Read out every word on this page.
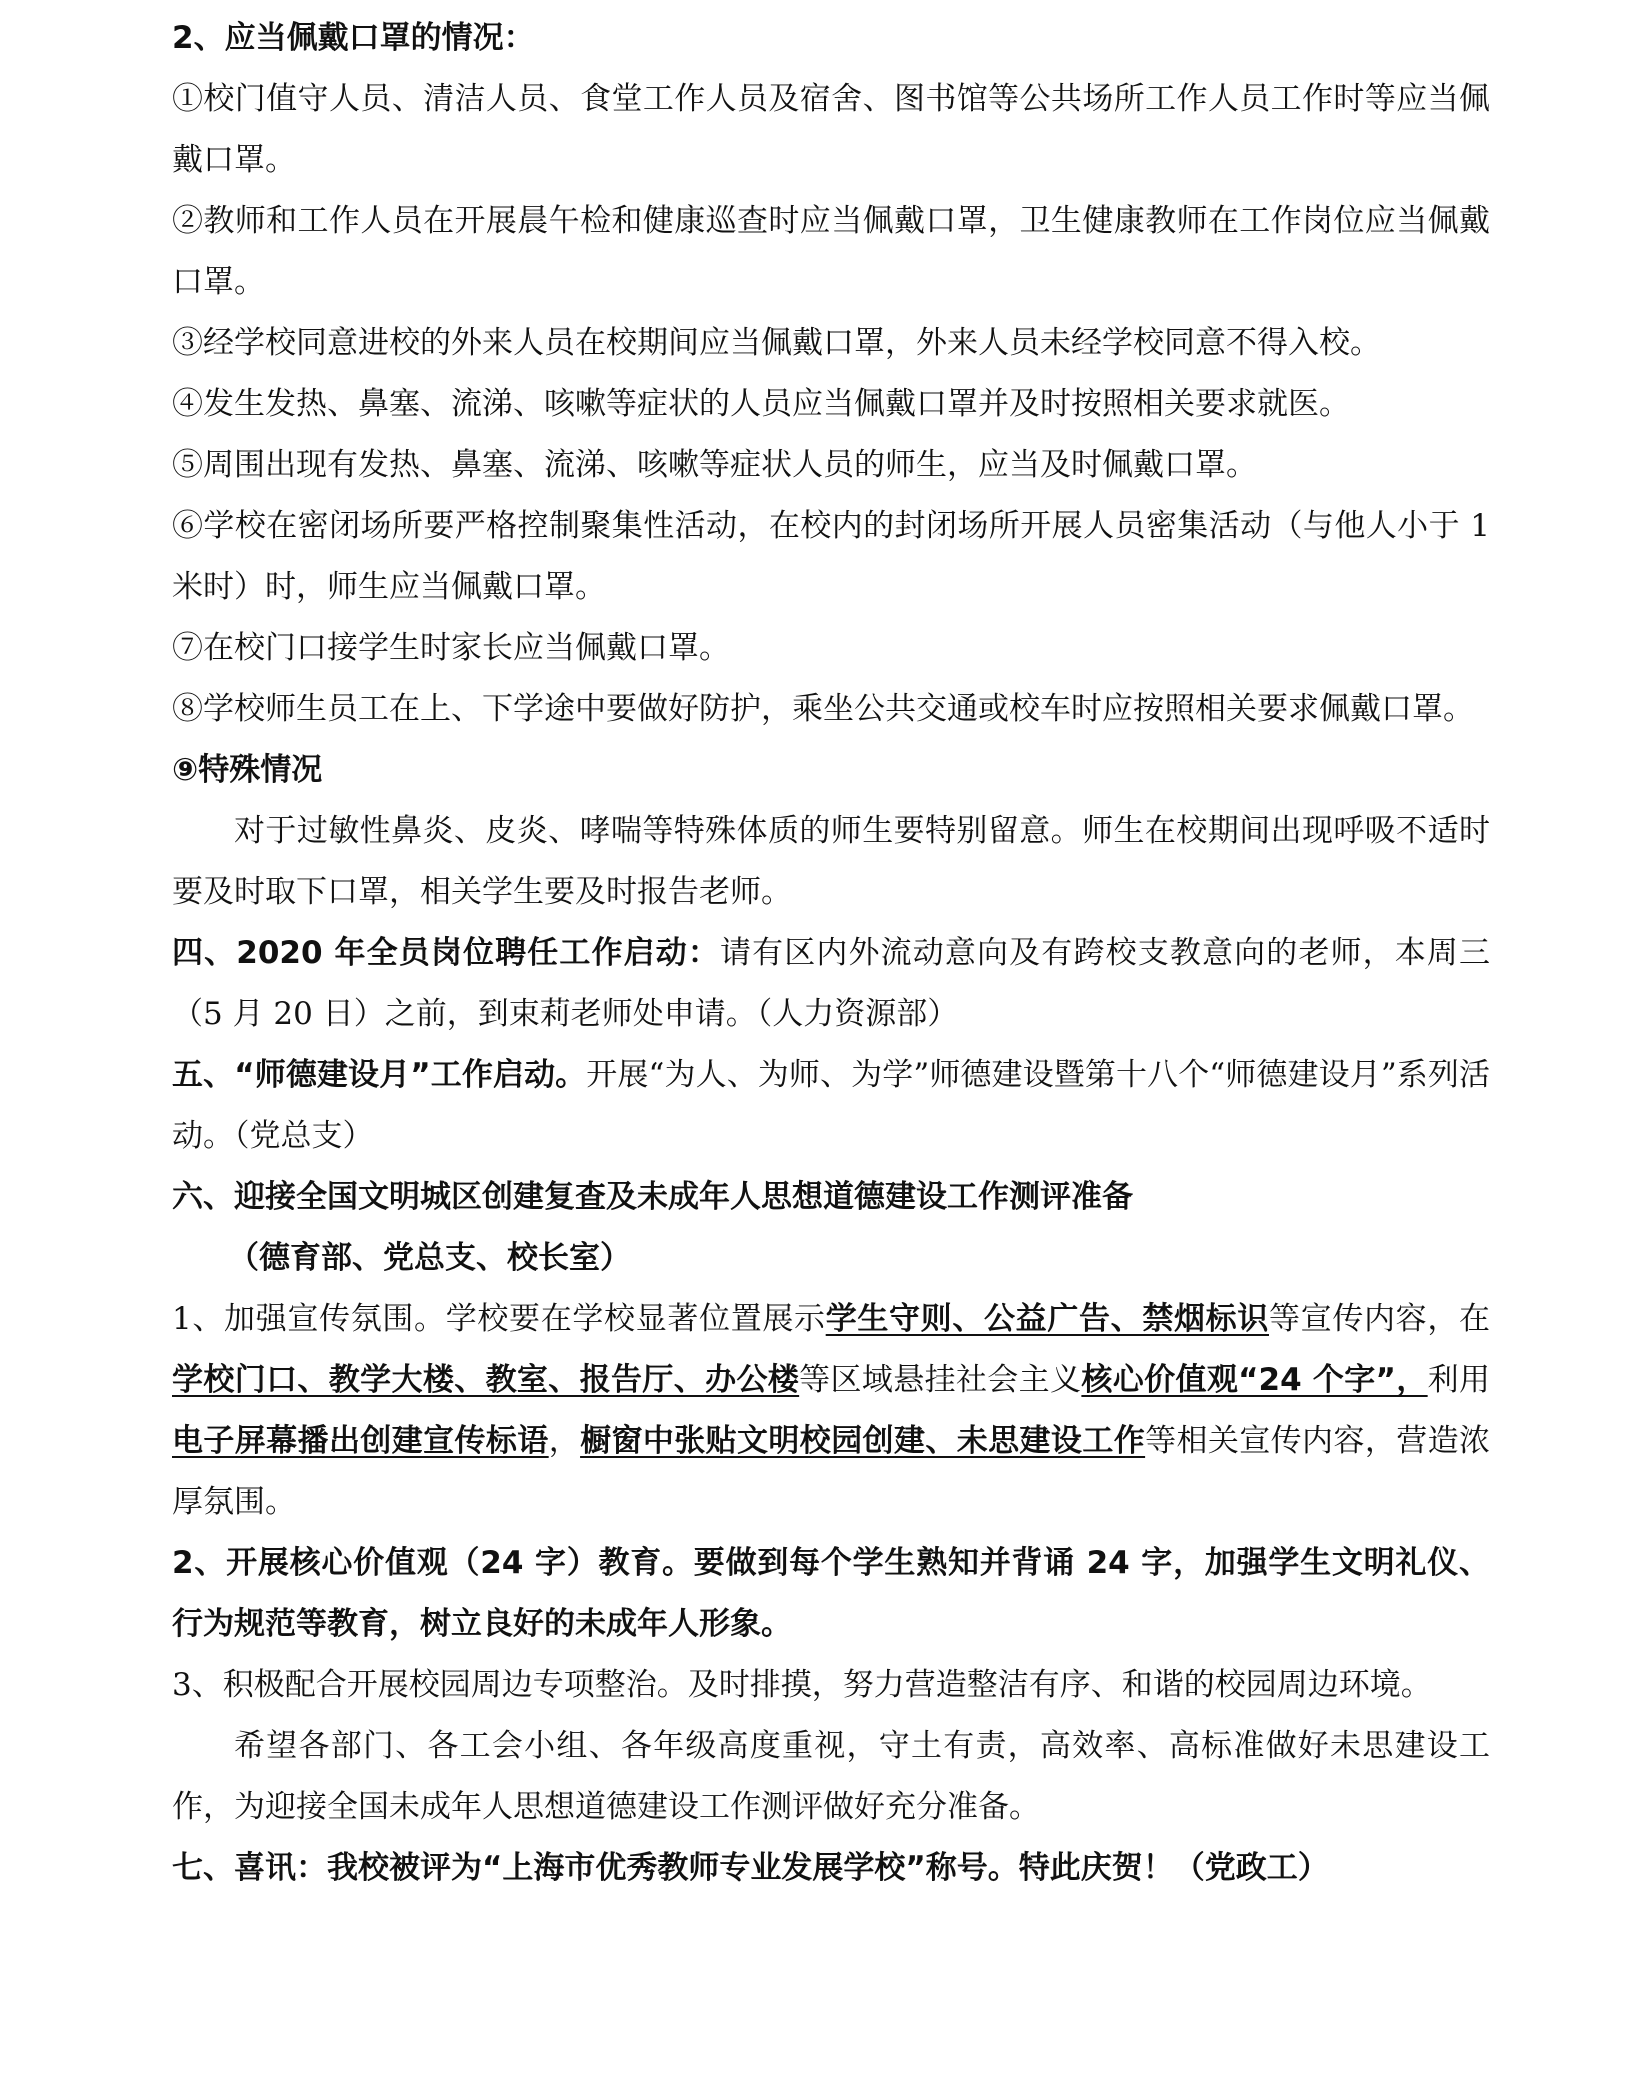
2、应当佩戴口罩的情况：

①校门值守人员、清洁人员、食堂工作人员及宿舍、图书馆等公共场所工作人员工作时等应当佩戴口罩。

②教师和工作人员在开展晨午检和健康巡查时应当佩戴口罩，卫生健康教师在工作岗位应当佩戴口罩。

③经学校同意进校的外来人员在校期间应当佩戴口罩，外来人员未经学校同意不得入校。

④发生发热、鼻塞、流涕、咳嗽等症状的人员应当佩戴口罩并及时按照相关要求就医。

⑤周围出现有发热、鼻塞、流涕、咳嗽等症状人员的师生，应当及时佩戴口罩。

⑥学校在密闭场所要严格控制聚集性活动，在校内的封闭场所开展人员密集活动（与他人小于 1 米时）时，师生应当佩戴口罩。

⑦在校门口接学生时家长应当佩戴口罩。

⑧学校师生员工在上、下学途中要做好防护，乘坐公共交通或校车时应按照相关要求佩戴口罩。

⑨特殊情况

对于过敏性鼻炎、皮炎、哮喘等特殊体质的师生要特别留意。师生在校期间出现呼吸不适时要及时取下口罩，相关学生要及时报告老师。

四、2020 年全员岗位聘任工作启动：请有区内外流动意向及有跨校支教意向的老师，本周三（5 月 20 日）之前，到束莉老师处申请。（人力资源部）

五、“师德建设月”工作启动。开展“为人、为师、为学”师德建设暨第十八个“师德建设月”系列活动。（党总支）

六、迎接全国文明城区创建复查及未成年人思想道德建设工作测评准备

（德育部、党总支、校长室）

1、加强宣传氛围。学校要在学校显著位置展示学生守则、公益广告、禁烟标识等宣传内容，在学校门口、教学大楼、教室、报告厅、办公楼等区域悬挂社会主义核心价值观“24 个字”，利用电子屏幕播出创建宣传标语，橱窗中张贴文明校园创建、未思建设工作等相关宣传内容，营造浓厚氛围。

2、开展核心价值观（24 字）教育。要做到每个学生熟知并背诵 24 字，加强学生文明礼仪、行为规范等教育，树立良好的未成年人形象。

3、积极配合开展校园周边专项整治。及时排摸，努力营造整洁有序、和谐的校园周边环境。

希望各部门、各工会小组、各年级高度重视，守土有责，高效率、高标准做好未思建设工作，为迎接全国未成年人思想道德建设工作测评做好充分准备。

七、喜讯：我校被评为“上海市优秀教师专业发展学校”称号。特此庆贺！（党政工）
